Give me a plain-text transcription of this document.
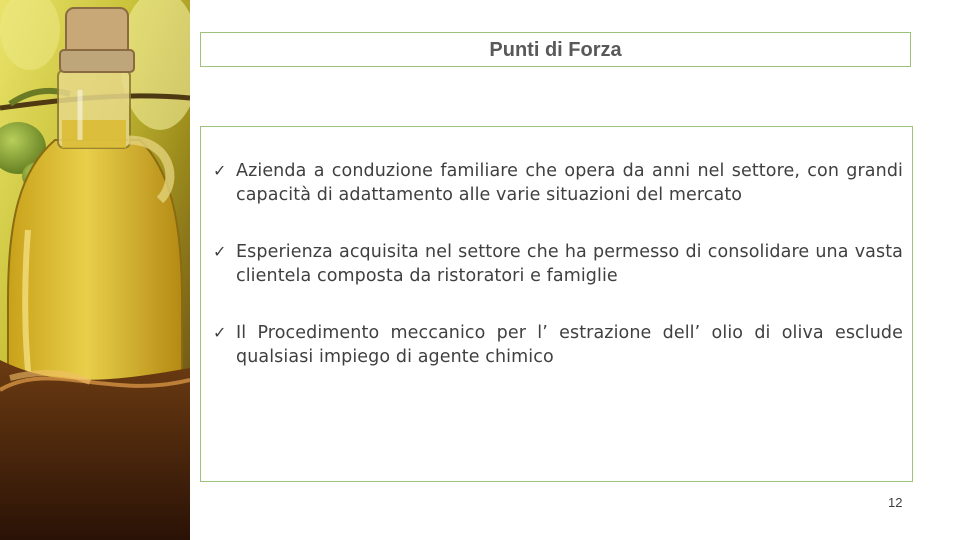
Punti di Forza
✓ Azienda a conduzione familiare che opera da anni nel settore, con grandi capacità di adattamento alle varie situazioni del mercato
✓ Esperienza acquisita nel settore che ha permesso di consolidare una vasta clientela composta da ristoratori e famiglie
✓ Il Procedimento meccanico per l’ estrazione dell’ olio di oliva esclude qualsiasi impiego di agente chimico
12
